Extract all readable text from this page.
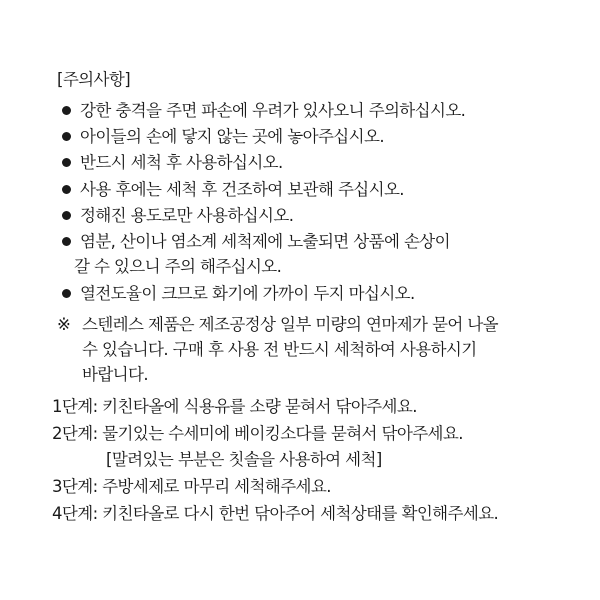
[주의사항]
강한 충격을 주면 파손에 우려가 있사오니 주의하십시오.
아이들의 손에 닿지 않는 곳에 놓아주십시오.
반드시 세척 후 사용하십시오.
사용 후에는 세척 후 건조하여 보관해 주십시오.
정해진 용도로만 사용하십시오.
염분, 산이나 염소계 세척제에 노출되면 상품에 손상이
갈 수 있으니 주의 해주십시오.
열전도율이 크므로 화기에 가까이 두지 마십시오.
※ 스텐레스 제품은 제조공정상 일부 미량의 연마제가 묻어 나올
수 있습니다. 구매 후 사용 전 반드시 세척하여 사용하시기
바랍니다.
1단계: 키친타올에 식용유를 소량 묻혀서 닦아주세요.
2단계: 물기있는 수세미에 베이킹소다를 묻혀서 닦아주세요.
[말려있는 부분은 칫솔을 사용하여 세척]
3단계: 주방세제로 마무리 세척해주세요.
4단계: 키친타올로 다시 한번 닦아주어 세척상태를 확인해주세요.
